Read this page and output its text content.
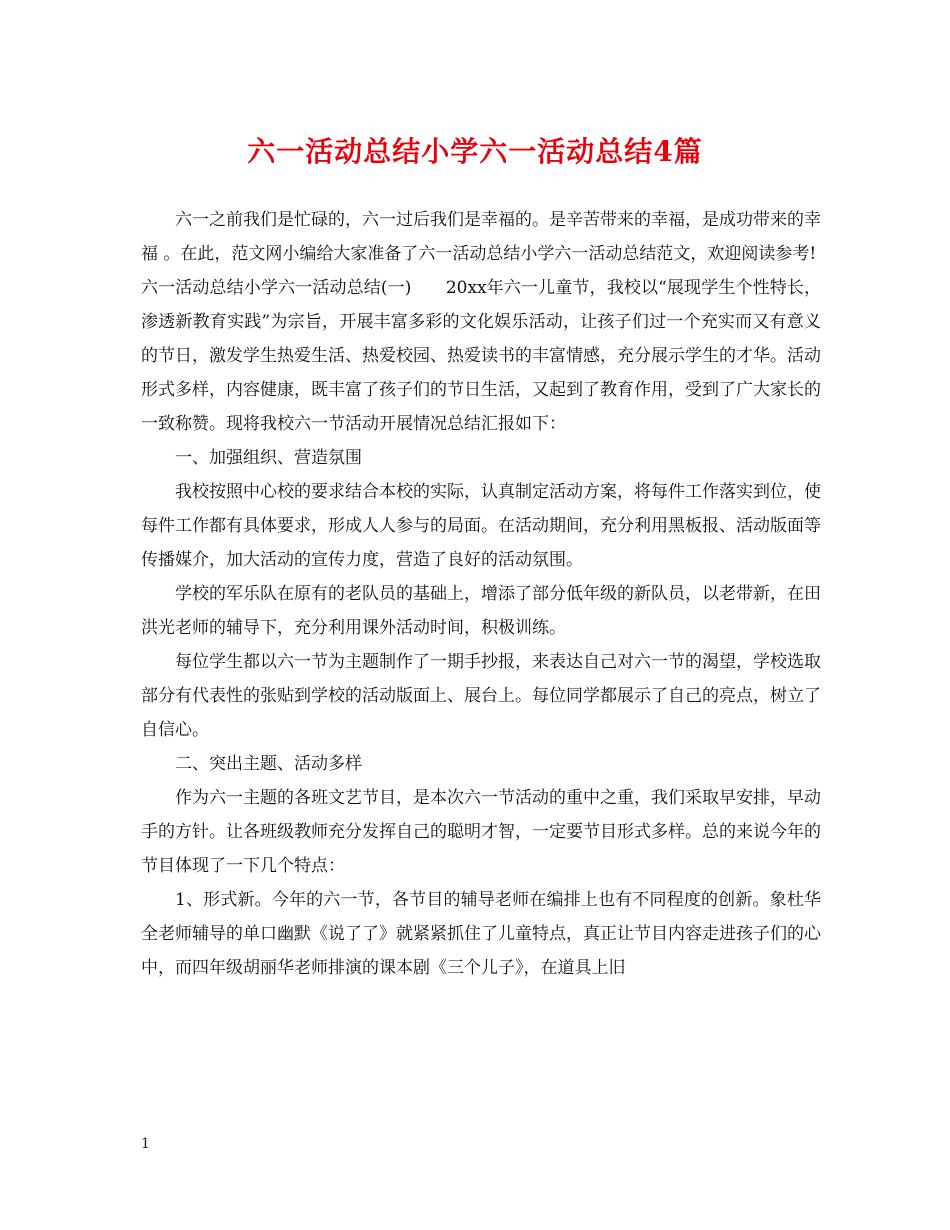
六一活动总结小学六一活动总结4篇

六一之前我们是忙碌的，六一过后我们是幸福的。是辛苦带来的幸福，是成功带来的幸福 。在此，范文网小编给大家准备了六一活动总结小学六一活动总结范文，欢迎阅读参考!

六一活动总结小学六一活动总结(一)　　20xx年六一儿童节，我校以“展现学生个性特长，渗透新教育实践”为宗旨，开展丰富多彩的文化娱乐活动，让孩子们过一个充实而又有意义的节日，激发学生热爱生活、热爱校园、热爱读书的丰富情感，充分展示学生的才华。活动形式多样，内容健康，既丰富了孩子们的节日生活，又起到了教育作用，受到了广大家长的一致称赞。现将我校六一节活动开展情况总结汇报如下：

一、加强组织、营造氛围

我校按照中心校的要求结合本校的实际，认真制定活动方案，将每件工作落实到位，使每件工作都有具体要求，形成人人参与的局面。在活动期间，充分利用黑板报、活动版面等传播媒介，加大活动的宣传力度，营造了良好的活动氛围。

学校的军乐队在原有的老队员的基础上，增添了部分低年级的新队员，以老带新，在田洪光老师的辅导下，充分利用课外活动时间，积极训练。

每位学生都以六一节为主题制作了一期手抄报，来表达自己对六一节的渴望，学校选取部分有代表性的张贴到学校的活动版面上、展台上。每位同学都展示了自己的亮点，树立了自信心。

二、突出主题、活动多样

作为六一主题的各班文艺节目，是本次六一节活动的重中之重，我们采取早安排，早动手的方针。让各班级教师充分发挥自己的聪明才智，一定要节目形式多样。总的来说今年的节目体现了一下几个特点：

1、形式新。今年的六一节，各节目的辅导老师在编排上也有不同程度的创新。象杜华全老师辅导的单口幽默《说了了》就紧紧抓住了儿童特点，真正让节目内容走进孩子们的心中，而四年级胡丽华老师排演的课本剧《三个儿子》，在道具上旧

1
